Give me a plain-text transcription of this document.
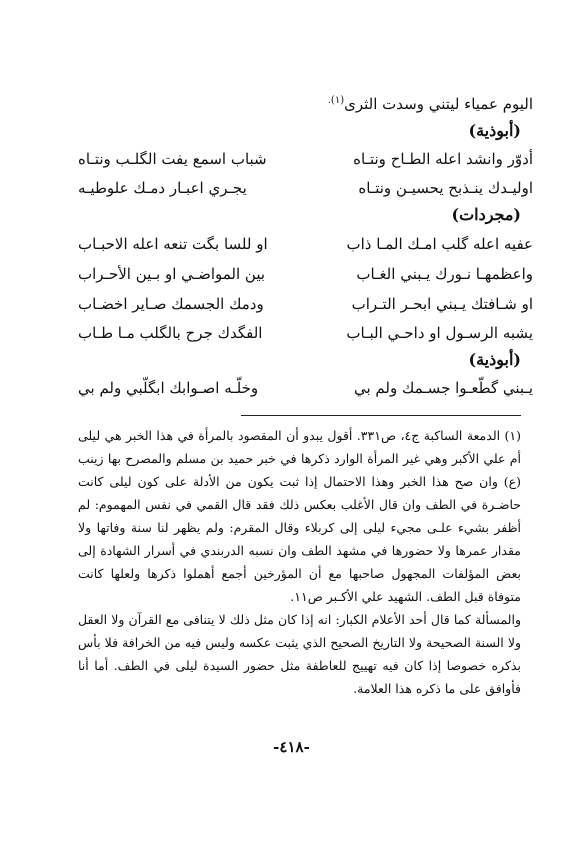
اليوم عمياء ليتني وسدت الثرى$^{(١).}$
(أبوذية)
أدوّر وانشد اعله الطـاح ونتـاه
شباب اسمع يفت الگلـب ونتـاه
اوليـدك ينـذبح يحسيـن ونتـاه
يجـري اعبـار دمـك علوطيـه
(مجردات)
عفيه اعله گلب امـك المـا ذاب
او للسا بگت تنعه اعله الاحبـاب
واعظمهـا نـورك يـبني الغـاب
بين المواضـي او بـين الأحـراب
او شـافتك يـبني ابحـر التـراب
ودمك الجسمك صـاير اخضـاب
يشبه الرسـول او داحـي البـاب
الفگدك جرح بالگلب مـا طـاب
(أبوذية)
يـبني گطّعـوا جسـمك ولم بي
وخلّـه اصـوابك ابگلّبي ولم بي

(١) الدمعة الساكبة ج٤، ص٣٣١. أقول يبدو أن المقصود بالمرأة في هذا الخبر هي ليلى أم علي الأكبر وهي غير المرأة الوارد ذكرها في خبر حميد بن مسلم والمصرح بها زينب (ع) وان صح هذا الخبر وهذا الاحتمال إذا ثبت يكون من الأدلة على كون ليلى كانت حاضـرة في الطف وان قال الأغلب بعكس ذلك فقد قال القمي في نفس المهموم: لم أظفر بشيء علـى مجيء ليلى إلى كربلاء وقال المقرم: ولم يظهر لنا سنة وفاتها ولا مقدار عمرها ولا حضورها في مشهد الطف وان نسبه الدربندي في أسرار الشهادة إلى بعض المؤلفات المجهول صاحبها مع أن المؤرخين أجمع أهملوا ذكرها ولعلها كانت متوفاة قبل الطف. الشهيد علي الأكـبر ص١١.

والمسألة كما قال أحد الأعلام الكبار: انه إذا كان مثل ذلك لا يتنافى مع القرآن ولا العقل ولا السنة الصحيحة ولا التاريخ الصحيح الذي يثبت عكسه وليس فيه من الخرافة فلا بأس بذكره خصوصا إذا كان فيه تهييج للعاطفة مثل حضور السيدة ليلى في الطف. أما أنا فأوافق على ما ذكره هذا العلامة.

-٤١٨-
